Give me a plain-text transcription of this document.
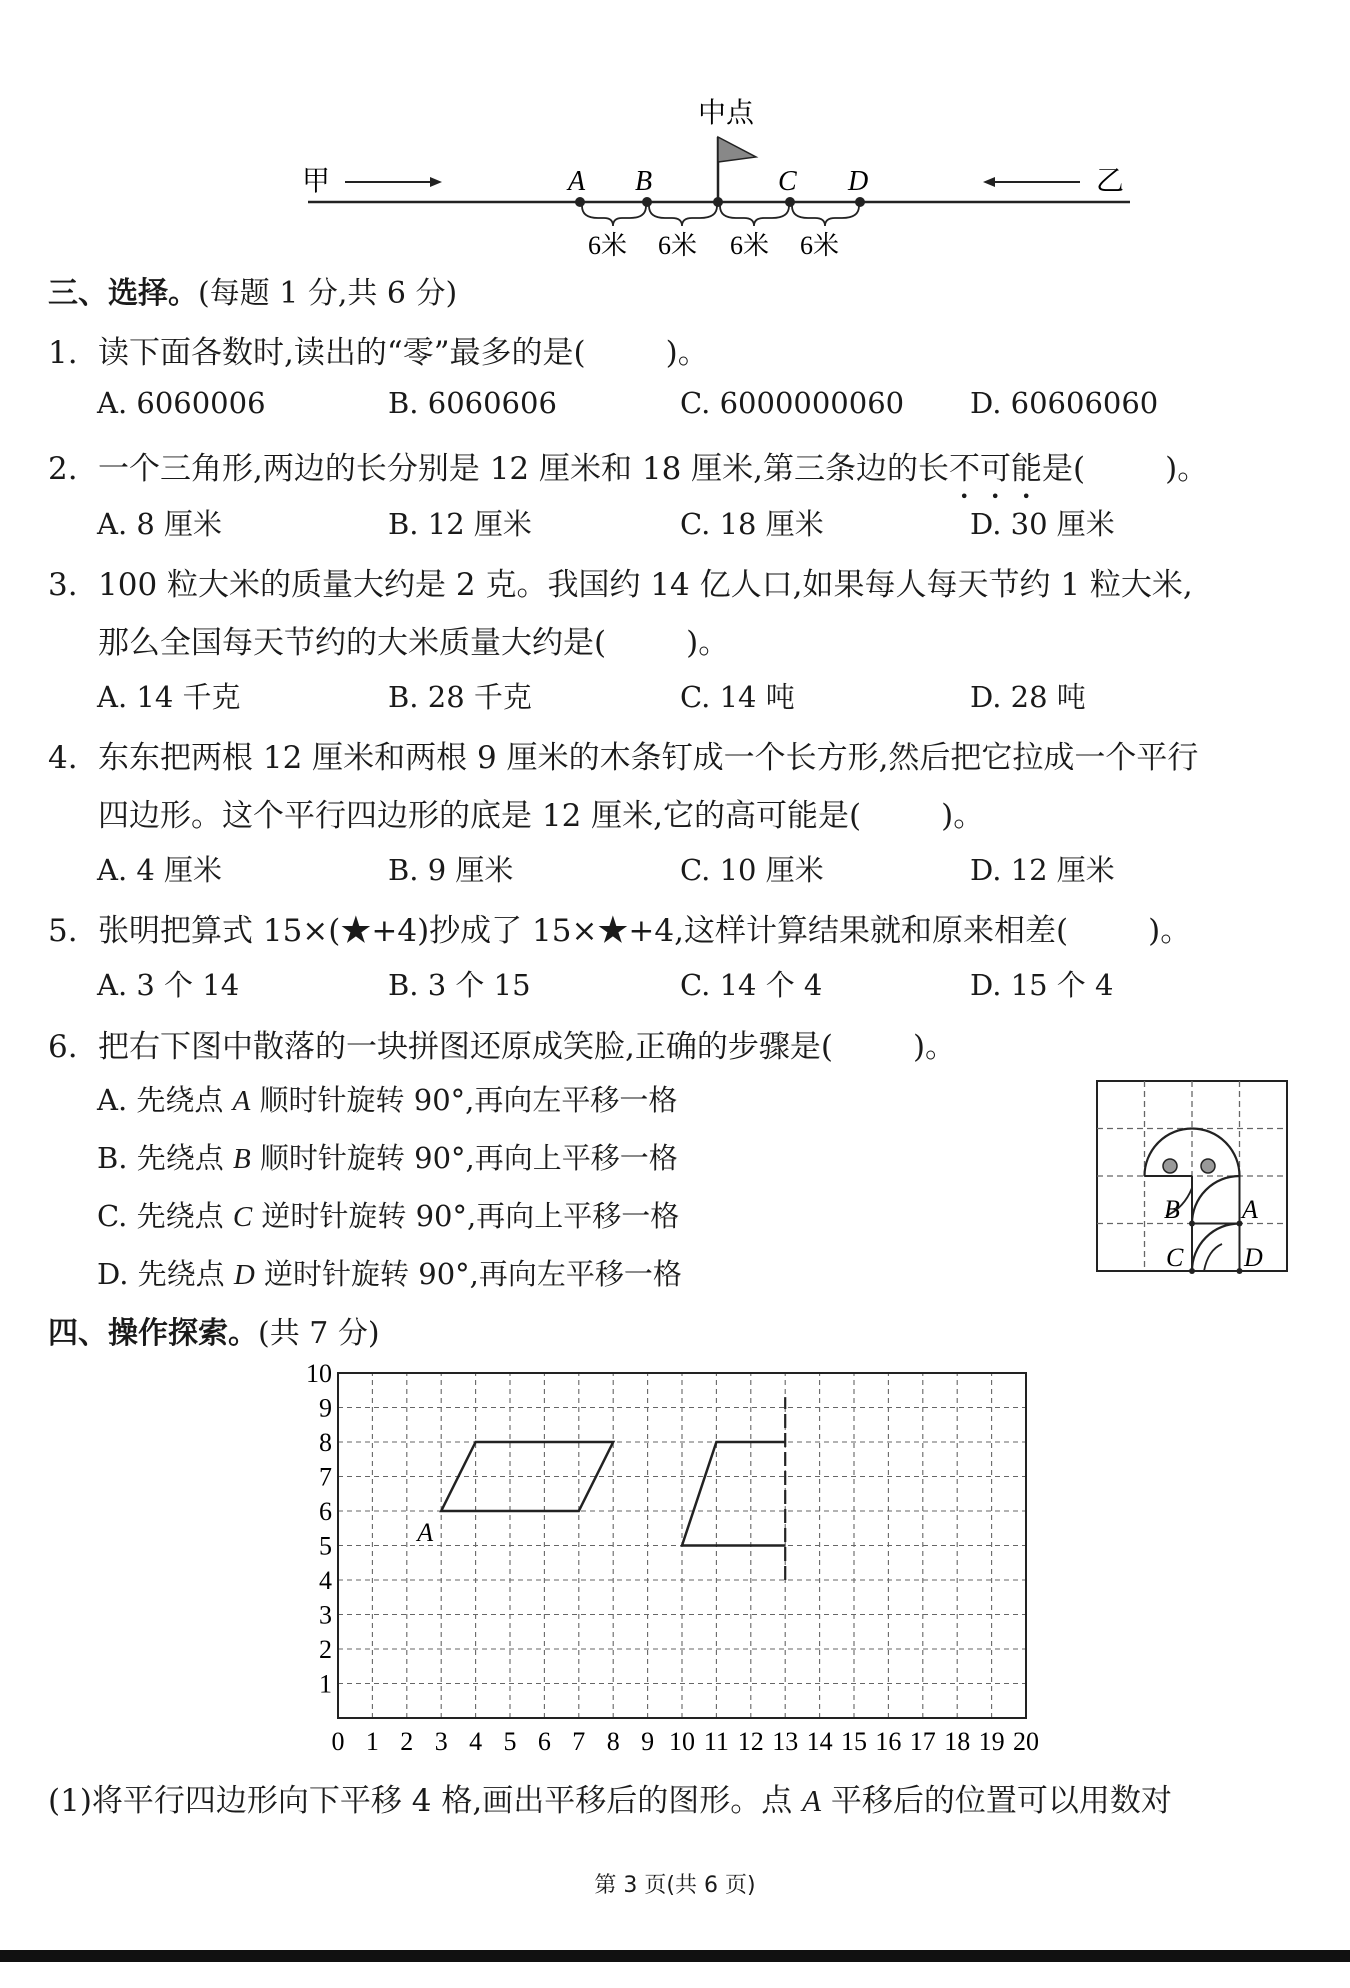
中点
甲	乙
A B	C D
6米 6米 6米 6米
三、选择。(每题 1 分,共 6 分)
1. 读下面各数时,读出的“零”最多的是(	)。
A. 6060006	B. 6060606	C. 6000000060 D. 60606060
2. 一个三角形,两边的长分别是 12 厘米和 18 厘米,第三条边的长不可能是(	)。
A. 8 厘米	B. 12 厘米	C. 18 厘米	D. 30 厘米
3. 100 粒大米的质量大约是 2 克。我国约 14 亿人口,如果每人每天节约 1 粒大米,
那么全国每天节约的大米质量大约是(	)。
A. 14 千克	B. 28 千克	C. 14 吨	D. 28 吨
4. 东东把两根 12 厘米和两根 9 厘米的木条钉成一个长方形,然后把它拉成一个平行
四边形。这个平行四边形的底是 12 厘米,它的高可能是(	)。
A. 4 厘米	B. 9 厘米	C. 10 厘米	D. 12 厘米
5. 张明把算式 15×(★+4)抄成了 15×★+4,这样计算结果就和原来相差(	)。
A. 3 个 14	B. 3 个 15	C. 14 个 4	D. 15 个 4
6. 把右下图中散落的一块拼图还原成笑脸,正确的步骤是(	)。
A. 先绕点 A 顺时针旋转 90°,再向左平移一格
B. 先绕点 B 顺时针旋转 90°,再向上平移一格
C. 先绕点 C 逆时针旋转 90°,再向上平移一格
D. 先绕点 D 逆时针旋转 90°,再向左平移一格
B A
C D
四、操作探索。(共 7 分)
0 1 2 3 4 5 6 7 8 9 10 11 12 13 14 15 16 17 18 19 20
1
2
3
4
5
6
7
8
9
10
A
(1)将平行四边形向下平移 4 格,画出平移后的图形。点 A 平移后的位置可以用数对
第 3 页(共 6 页)
